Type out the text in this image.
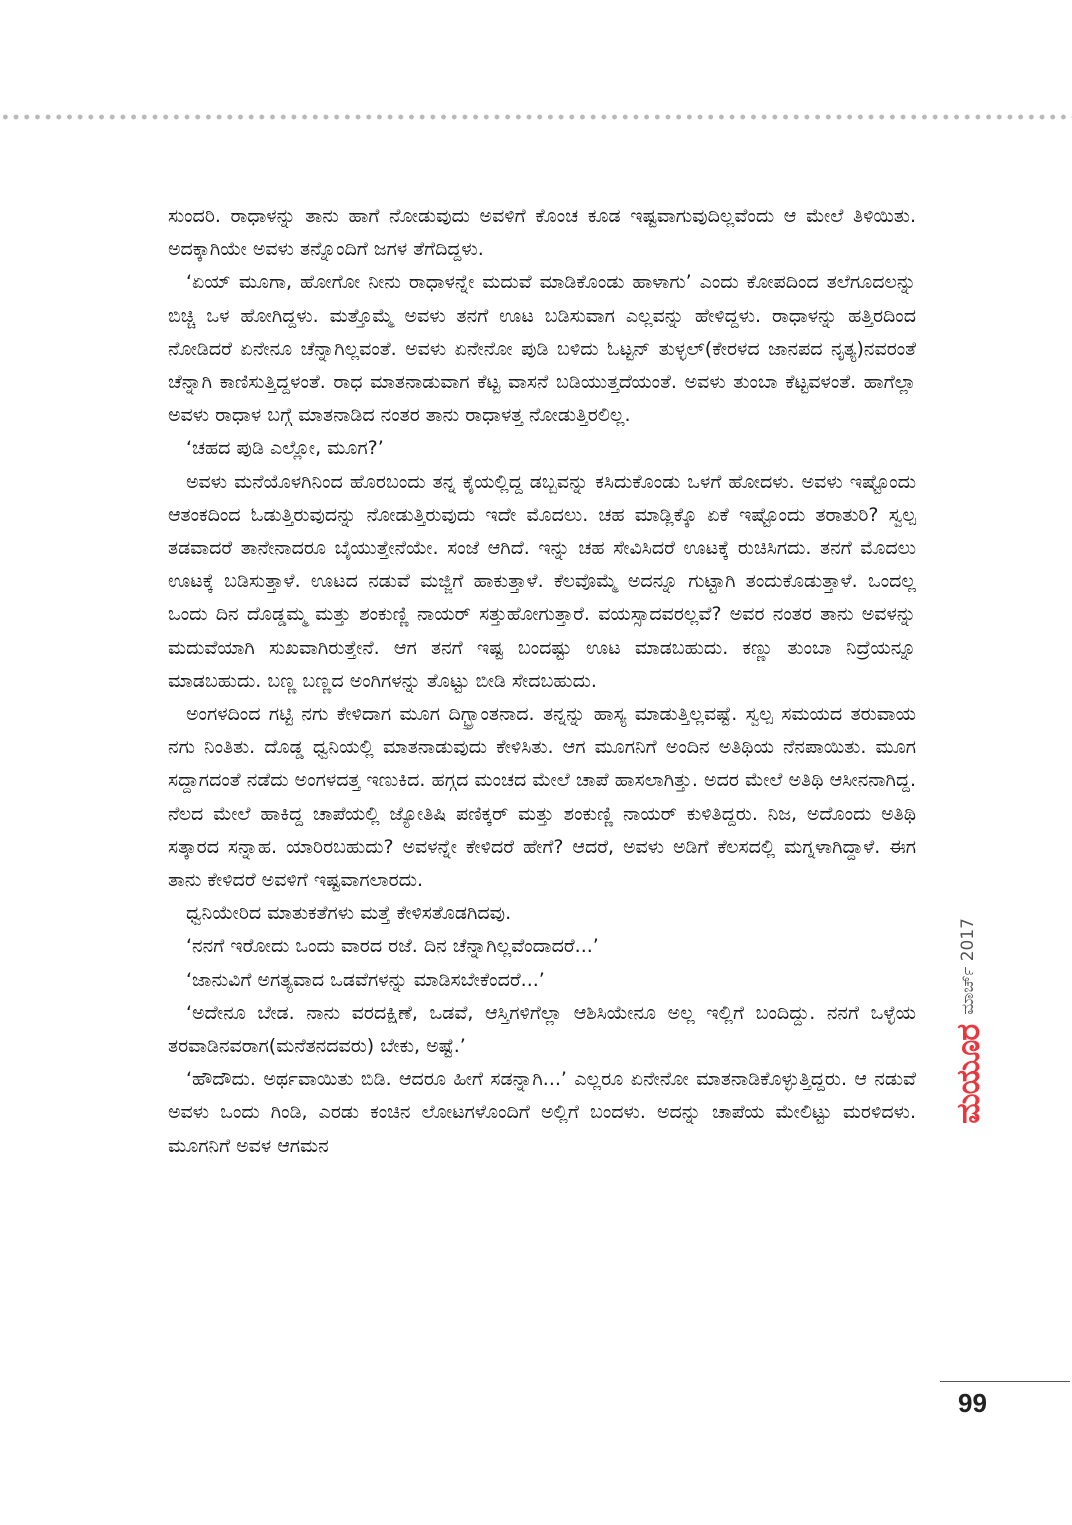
ಸುಂದರಿ. ರಾಧಾಳನ್ನು ತಾನು ಹಾಗೆ ನೋಡುವುದು ಅವಳಿಗೆ ಕೊಂಚ ಕೂಡ ಇಷ್ಟವಾಗುವುದಿಲ್ಲವೆಂದು ಆ ಮೇಲೆ ತಿಳಿಯಿತು. ಅದಕ್ಕಾಗಿಯೇ ಅವಳು ತನ್ನೊಂದಿಗೆ ಜಗಳ ತೆಗೆದಿದ್ದಳು.

‘ಏಯ್ ಮೂಗಾ, ಹೋಗೋ ನೀನು ರಾಧಾಳನ್ನೇ ಮದುವೆ ಮಾಡಿಕೊಂಡು ಹಾಳಾಗು’ ಎಂದು ಕೋಪದಿಂದ ತಲೆಗೂದಲನ್ನು ಬಿಚ್ಚಿ ಒಳ ಹೋಗಿದ್ದಳು. ಮತ್ತೊಮ್ಮೆ ಅವಳು ತನಗೆ ಊಟ ಬಡಿಸುವಾಗ ಎಲ್ಲವನ್ನು ಹೇಳಿದ್ದಳು. ರಾಧಾಳನ್ನು ಹತ್ತಿರದಿಂದ ನೋಡಿದರೆ ಏನೇನೂ ಚೆನ್ನಾಗಿಲ್ಲವಂತೆ. ಅವಳು ಏನೇನೋ ಪುಡಿ ಬಳಿದು ಓಟ್ಟನ್ ತುಳ್ಳಲ್(ಕೇರಳದ ಜಾನಪದ ನೃತ್ಯ)ನವರಂತೆ ಚೆನ್ನಾಗಿ ಕಾಣಿಸುತ್ತಿದ್ದಳಂತೆ. ರಾಧ ಮಾತನಾಡುವಾಗ ಕೆಟ್ಟ ವಾಸನೆ ಬಡಿಯುತ್ತದೆಯಂತೆ. ಅವಳು ತುಂಬಾ ಕೆಟ್ಟವಳಂತೆ. ಹಾಗೆಲ್ಲಾ ಅವಳು ರಾಧಾಳ ಬಗ್ಗೆ ಮಾತನಾಡಿದ ನಂತರ ತಾನು ರಾಧಾಳತ್ತ ನೋಡುತ್ತಿರಲಿಲ್ಲ.

‘ಚಹದ ಪುಡಿ ಎಲ್ಲೋ, ಮೂಗ?’

ಅವಳು ಮನೆಯೊಳಗಿನಿಂದ ಹೊರಬಂದು ತನ್ನ ಕೈಯಲ್ಲಿದ್ದ ಡಬ್ಬವನ್ನು ಕಸಿದುಕೊಂಡು ಒಳಗೆ ಹೋದಳು. ಅವಳು ಇಷ್ಟೊಂದು ಆತಂಕದಿಂದ ಓಡುತ್ತಿರುವುದನ್ನು ನೋಡುತ್ತಿರುವುದು ಇದೇ ಮೊದಲು. ಚಹ ಮಾಡ್ಲಿಕ್ಕೊ ಏಕೆ ಇಷ್ಟೊಂದು ತರಾತುರಿ? ಸ್ವಲ್ಪ ತಡವಾದರೆ ತಾನೇನಾದರೂ ಬೈಯುತ್ತೇನೆಯೇ. ಸಂಜೆ ಆಗಿದೆ. ಇನ್ನು ಚಹ ಸೇವಿಸಿದರೆ ಊಟಕ್ಕೆ ರುಚಿಸಿಗದು. ತನಗೆ ಮೊದಲು ಊಟಕ್ಕೆ ಬಡಿಸುತ್ತಾಳೆ. ಊಟದ ನಡುವೆ ಮಜ್ಜಿಗೆ ಹಾಕುತ್ತಾಳೆ. ಕೆಲವೊಮ್ಮೆ ಅದನ್ನೂ ಗುಟ್ಟಾಗಿ ತಂದುಕೊಡುತ್ತಾಳೆ. ಒಂದಲ್ಲ ಒಂದು ದಿನ ದೊಡ್ಡಮ್ಮ ಮತ್ತು ಶಂಕುಣ್ಣಿ ನಾಯರ್ ಸತ್ತುಹೋಗುತ್ತಾರೆ. ವಯಸ್ಸಾದವರಲ್ಲವೆ? ಅವರ ನಂತರ ತಾನು ಅವಳನ್ನು ಮದುವೆಯಾಗಿ ಸುಖವಾಗಿರುತ್ತೇನೆ. ಆಗ ತನಗೆ ಇಷ್ಟ ಬಂದಷ್ಟು ಊಟ ಮಾಡಬಹುದು. ಕಣ್ಣು ತುಂಬಾ ನಿದ್ರೆಯನ್ನೂ ಮಾಡಬಹುದು. ಬಣ್ಣ ಬಣ್ಣದ ಅಂಗಿಗಳನ್ನು ತೊಟ್ಟು ಬೀಡಿ ಸೇದಬಹುದು.

ಅಂಗಳದಿಂದ ಗಟ್ಟಿ ನಗು ಕೇಳಿದಾಗ ಮೂಗ ದಿಗ್ಭ್ರಾಂತನಾದ. ತನ್ನನ್ನು ಹಾಸ್ಯ ಮಾಡುತ್ತಿಲ್ಲವಷ್ಟೆ. ಸ್ವಲ್ಪ ಸಮಯದ ತರುವಾಯ ನಗು ನಿಂತಿತು. ದೊಡ್ಡ ಧ್ವನಿಯಲ್ಲಿ ಮಾತನಾಡುವುದು ಕೇಳಿಸಿತು. ಆಗ ಮೂಗನಿಗೆ ಅಂದಿನ ಅತಿಥಿಯ ನೆನಪಾಯಿತು. ಮೂಗ ಸದ್ದಾಗದಂತೆ ನಡೆದು ಅಂಗಳದತ್ತ ಇಣುಕಿದ. ಹಗ್ಗದ ಮಂಚದ ಮೇಲೆ ಚಾಪೆ ಹಾಸಲಾಗಿತ್ತು. ಅದರ ಮೇಲೆ ಅತಿಥಿ ಆಸೀನನಾಗಿದ್ದ. ನೆಲದ ಮೇಲೆ ಹಾಕಿದ್ದ ಚಾಪೆಯಲ್ಲಿ ಜ್ಯೋತಿಷಿ ಪಣಿಕ್ಕರ್ ಮತ್ತು ಶಂಕುಣ್ಣಿ ನಾಯರ್ ಕುಳಿತಿದ್ದರು. ನಿಜ, ಅದೊಂದು ಅತಿಥಿ ಸತ್ಕಾರದ ಸನ್ನಾಹ. ಯಾರಿರಬಹುದು? ಅವಳನ್ನೇ ಕೇಳಿದರೆ ಹೇಗೆ? ಆದರೆ, ಅವಳು ಅಡಿಗೆ ಕೆಲಸದಲ್ಲಿ ಮಗ್ನಳಾಗಿದ್ದಾಳೆ. ಈಗ ತಾನು ಕೇಳಿದರೆ ಅವಳಿಗೆ ಇಷ್ಟವಾಗಲಾರದು.

ಧ್ವನಿಯೇರಿದ ಮಾತುಕತೆಗಳು ಮತ್ತೆ ಕೇಳಿಸತೊಡಗಿದವು.

‘ನನಗೆ ಇರೋದು ಒಂದು ವಾರದ ರಜೆ. ದಿನ ಚೆನ್ನಾಗಿಲ್ಲವೆಂದಾದರೆ...’

‘ಜಾನುವಿಗೆ ಅಗತ್ಯವಾದ ಒಡವೆಗಳನ್ನು ಮಾಡಿಸಬೇಕೆಂದರೆ...’

‘ಅದೇನೂ ಬೇಡ. ನಾನು ವರದಕ್ಷಿಣೆ, ಒಡವೆ, ಆಸ್ತಿಗಳಿಗೆಲ್ಲಾ ಆಶಿಸಿಯೇನೂ ಅಲ್ಲ ಇಲ್ಲಿಗೆ ಬಂದಿದ್ದು. ನನಗೆ ಒಳ್ಳೆಯ ತರವಾಡಿನವರಾಗ(ಮನೆತನದವರು) ಬೇಕು, ಅಷ್ಟೆ.’

‘ಹೌದೌದು. ಅರ್ಥವಾಯಿತು ಬಿಡಿ. ಆದರೂ ಹೀಗೆ ಸಡನ್ನಾಗಿ...’ ಎಲ್ಲರೂ ಏನೇನೋ ಮಾತನಾಡಿಕೊಳ್ಳುತ್ತಿದ್ದರು. ಆ ನಡುವೆ ಅವಳು ಒಂದು ಗಿಂಡಿ, ಎರಡು ಕಂಚಿನ ಲೋಟಗಳೊಂದಿಗೆ ಅಲ್ಲಿಗೆ ಬಂದಳು. ಅದನ್ನು ಚಾಪೆಯ ಮೇಲಿಟ್ಟು ಮರಳಿದಳು. ಮೂಗನಿಗೆ ಅವಳ ಆಗಮನ

ಮಯೂರ
ಮಾರ್ಚ್ 2017
99
